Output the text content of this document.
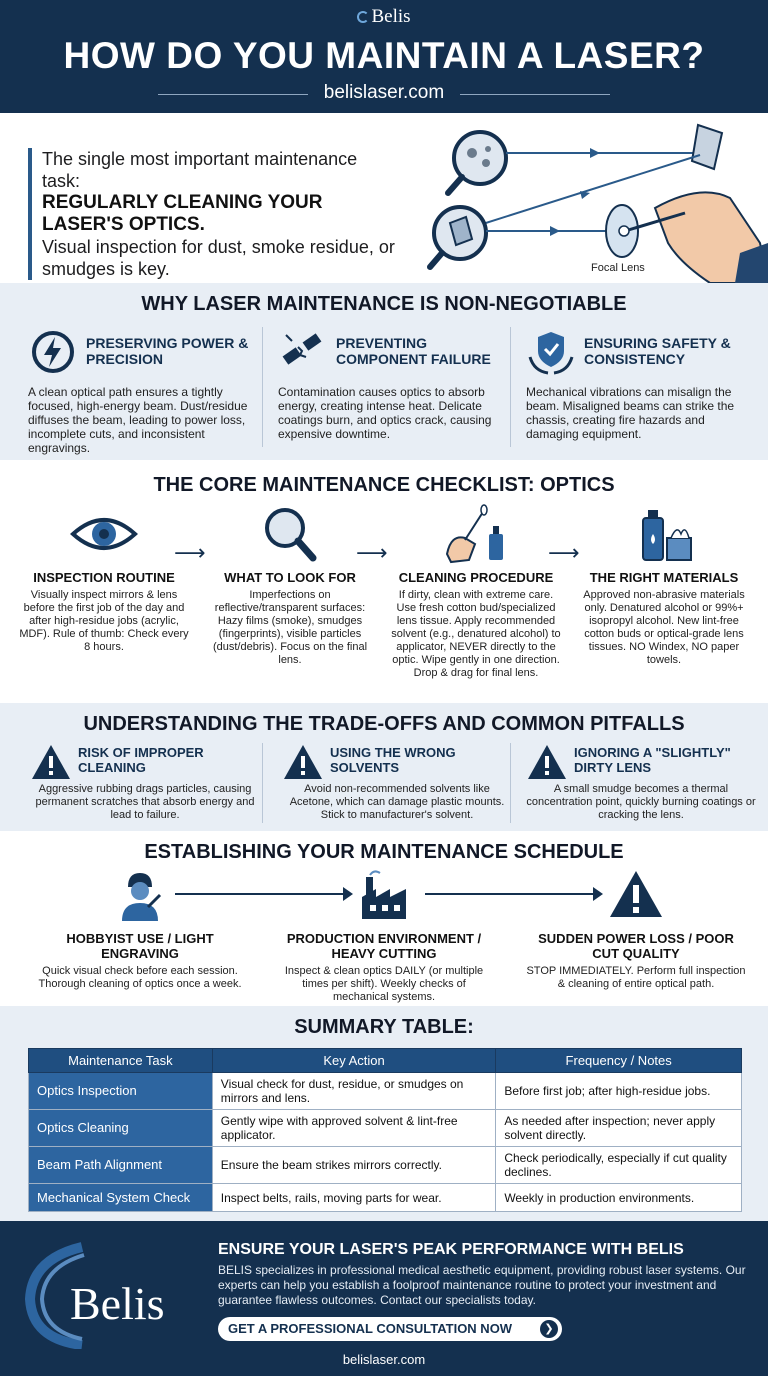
Belis
HOW DO YOU MAINTAIN A LASER?
belislaser.com
The single most important maintenance task:
REGULARLY CLEANING YOUR LASER'S OPTICS.
Visual inspection for dust, smoke residue, or smudges is key.	Focal Lens
WHY LASER MAINTENANCE IS NON-NEGOTIABLE
PRESERVING POWER & PRECISION
A clean optical path ensures a tightly focused, high-energy beam. Dust/residue diffuses the beam, leading to power loss, incomplete cuts, and inconsistent engravings.
PREVENTING COMPONENT FAILURE
Contamination causes optics to absorb energy, creating intense heat. Delicate coatings burn, and optics crack, causing expensive downtime.
ENSURING SAFETY & CONSISTENCY
Mechanical vibrations can misalign the beam. Misaligned beams can strike the chassis, creating fire hazards and damaging equipment.
THE CORE MAINTENANCE CHECKLIST: OPTICS
INSPECTION ROUTINE
Visually inspect mirrors & lens before the first job of the day and after high-residue jobs (acrylic, MDF). Rule of thumb: Check every 8 hours.
⟶
WHAT TO LOOK FOR
Imperfections on reflective/transparent surfaces: Hazy films (smoke), smudges (fingerprints), visible particles (dust/debris). Focus on the final lens.
⟶
CLEANING PROCEDURE
If dirty, clean with extreme care. Use fresh cotton bud/specialized lens tissue. Apply recommended solvent (e.g., denatured alcohol) to applicator, NEVER directly to the optic. Wipe gently in one direction. Drop & drag for final lens.
⟶
THE RIGHT MATERIALS
Approved non-abrasive materials only. Denatured alcohol or 99%+ isopropyl alcohol. New lint-free cotton buds or optical-grade lens tissues. NO Windex, NO paper towels.
UNDERSTANDING THE TRADE-OFFS AND COMMON PITFALLS
RISK OF IMPROPER CLEANING
Aggressive rubbing drags particles, causing permanent scratches that absorb energy and lead to failure.
USING THE WRONG SOLVENTS
Avoid non-recommended solvents like Acetone, which can damage plastic mounts. Stick to manufacturer's solvent.
IGNORING A "SLIGHTLY" DIRTY LENS
A small smudge becomes a thermal concentration point, quickly burning coatings or cracking the lens.
ESTABLISHING YOUR MAINTENANCE SCHEDULE
HOBBYIST USE / LIGHT ENGRAVING
Quick visual check before each session. Thorough cleaning of optics once a week.
PRODUCTION ENVIRONMENT / HEAVY CUTTING
Inspect & clean optics DAILY (or multiple times per shift). Weekly checks of mechanical systems.
SUDDEN POWER LOSS / POOR CUT QUALITY
STOP IMMEDIATELY. Perform full inspection & cleaning of entire optical path.
SUMMARY TABLE:
Maintenance Task	Key Action	Frequency / Notes
Optics Inspection	Visual check for dust, residue, or smudges on mirrors and lens.	Before first job; after high-residue jobs.
Optics Cleaning	Gently wipe with approved solvent & lint-free applicator.	As needed after inspection; never apply solvent directly.
Beam Path Alignment	Ensure the beam strikes mirrors correctly.	Check periodically, especially if cut quality declines.
Mechanical System Check	Inspect belts, rails, moving parts for wear.	Weekly in production environments.
Belis
ENSURE YOUR LASER'S PEAK PERFORMANCE WITH BELIS
BELIS specializes in professional medical aesthetic equipment, providing robust laser systems. Our experts can help you establish a foolproof maintenance routine to protect your investment and guarantee flawless outcomes. Contact our specialists today.
GET A PROFESSIONAL CONSULTATION NOW	❯
belislaser.com
